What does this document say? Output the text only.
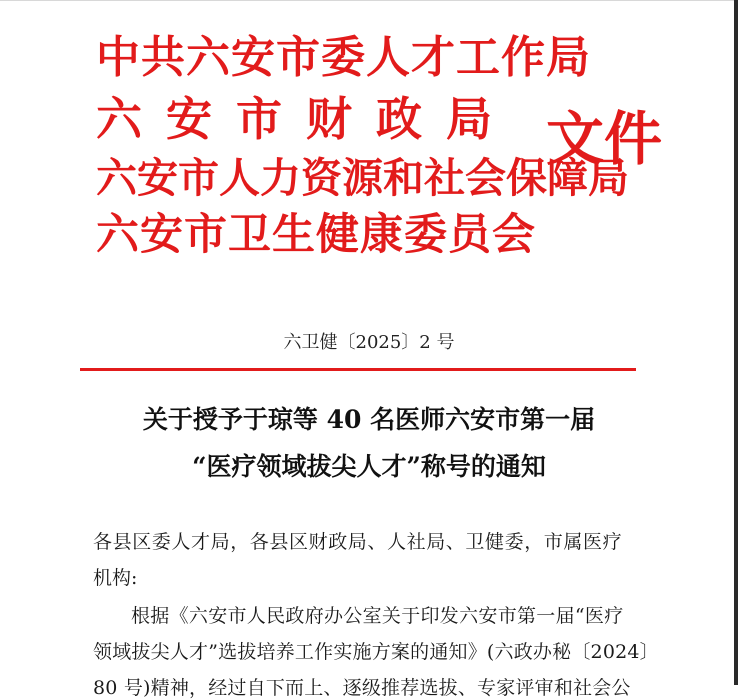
中共六安市委人才工作局
六安市财政局
六安市人力资源和社会保障局
六安市卫生健康委员会
文件
六卫健〔2025〕2 号
关于授予于琼等 40 名医师六安市第一届
“医疗领域拔尖人才”称号的通知
各县区委人才局，各县区财政局、人社局、卫健委，市属医疗
机构:
根据《六安市人民政府办公室关于印发六安市第一届“医疗
领域拔尖人才”选拔培养工作实施方案的通知》(六政办秘〔2024〕
80 号)精神，经过自下而上、逐级推荐选拔、专家评审和社会公
